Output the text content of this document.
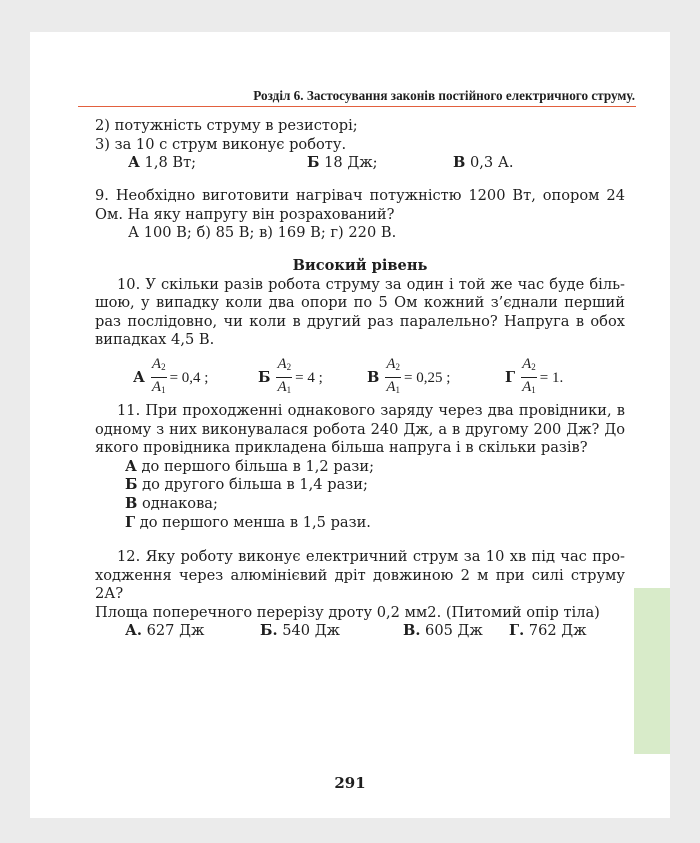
Розділ 6. Застосування законів постійного електричного струму.

2) потужність струму в резисторі;

3) за 10 с струм виконує роботу.

А 1,8 Вт;	Б 18 Дж;	В 0,3 А.

9. Необхідно виготовити нагрівач потужністю 1200 Вт, опором 24

Ом. На яку напругу він розрахований?

А 100 В; б) 85 В; в) 169 В; г) 220 В.

Високий рівень

10. У скільки разів робота струму за один і той же час буде біль-

шою, у випадку коли два опори по 5 Ом кожний з’єднали перший

раз послідовно, чи коли в другий раз паралельно? Напруга в обох

випадках 4,5 В.

А $\frac{A_2}{A_1} = 0,4$ ;	Б $\frac{A_2}{A_1} = 4$ ;	В $\frac{A_2}{A_1} = 0,25$ ;	Г $\frac{A_2}{A_1} = 1$.

11. При проходженні однакового заряду через два провідники, в

одному з них виконувалася робота 240 Дж, а в другому 200 Дж? До

якого провідника прикладена більша напруга і в скільки разів?

А до першого більша в 1,2 рази;

Б до другого більша в 1,4 рази;

В однакова;

Г до першого менша в 1,5 рази.

12. Яку роботу виконує електричний струм за 10 хв під час про-

ходження через алюмінієвий дріт довжиною 2 м при силі струму 2А?

Площа поперечного перерізу дроту 0,2 мм2. (Питомий опір тіла)

А. 627 Дж	Б. 540 Дж	В. 605 Дж Г. 762 Дж
291
